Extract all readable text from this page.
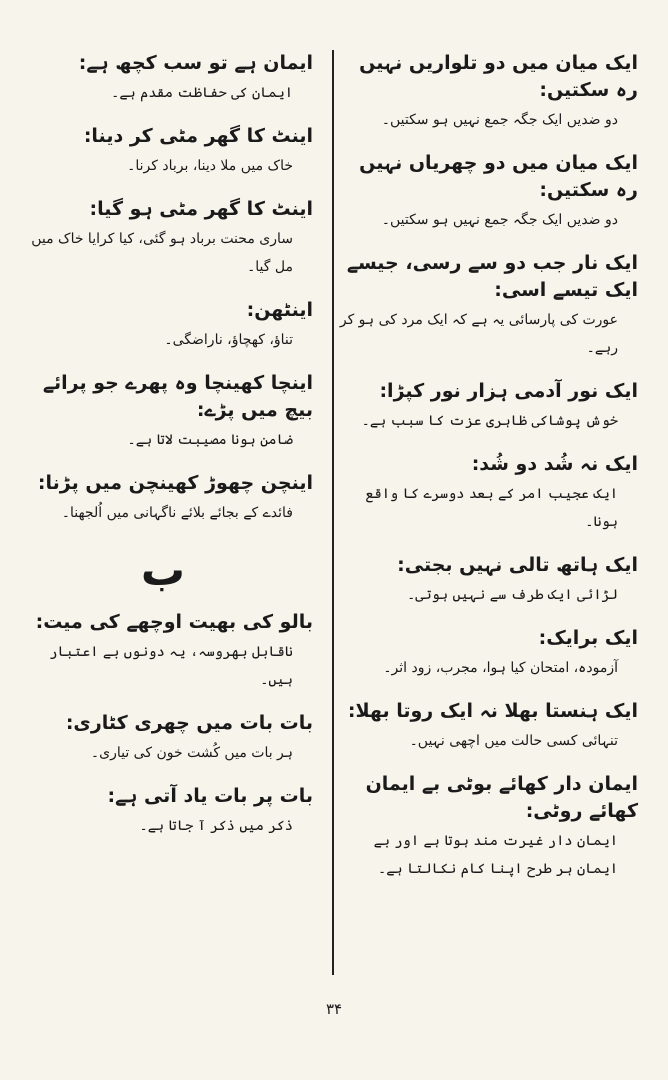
ایک میان میں دو تلواریں نہیں رہ سکتیں:

دو ضدیں ایک جگہ جمع نہیں ہو سکتیں۔

ایک میان میں دو چھریاں نہیں رہ سکتیں:

دو ضدیں ایک جگہ جمع نہیں ہو سکتیں۔

ایک نار جب دو سے رسی، جیسے ایک تیسے اسی:

عورت کی پارسائی یہ ہے کہ ایک مرد کی ہو کر رہے۔

ایک نور آدمی ہزار نور کپڑا:

خوش پوشاکی ظاہری عزت کا سبب ہے۔

ایک نہ شُد دو شُد:

ایک عجیب امر کے بعد دوسرے کا واقع ہونا۔

ایک ہاتھ تالی نہیں بجتی:

لڑائی ایک طرف سے نہیں ہوتی۔

ایک برایک:

آزمودہ، امتحان کیا ہوا، مجرب، زود اثر۔

ایک ہنستا بھلا نہ ایک روتا بھلا:

تنہائی کسی حالت میں اچھی نہیں۔

ایمان دار کھائے بوٹی بے ایمان کھائے روٹی:

ایمان دار غیرت مند ہوتا ہے اور بے ایمان ہر طرح اپنا کام نکالتا ہے۔

ایمان ہے تو سب کچھ ہے:

ایمان کی حفاظت مقدم ہے۔

اینٹ کا گھر مٹی کر دینا:

خاک میں ملا دینا، برباد کرنا۔

اینٹ کا گھر مٹی ہو گیا:

ساری محنت برباد ہو گئی، کیا کرایا خاک میں مل گیا۔

اینٹھن:

تناؤ، کھچاؤ، ناراضگی۔

اینچا کھینچا وہ پھرے جو پرائے بیچ میں پڑے:

ضامن ہونا مصیبت لاتا ہے۔

اینچن چھوڑ کھینچن میں پڑنا:

فائدے کے بجائے بلائے ناگہانی میں اُلجھنا۔

ب

بالو کی بھیت اوچھے کی میت:

ناقابل بھروسہ، یہ دونوں بے اعتبار ہیں۔

بات بات میں چھری کٹاری:

ہر بات میں کُشت خون کی تیاری۔

بات پر بات یاد آتی ہے:

ذکر میں ذکر آ جاتا ہے۔

۳۴
